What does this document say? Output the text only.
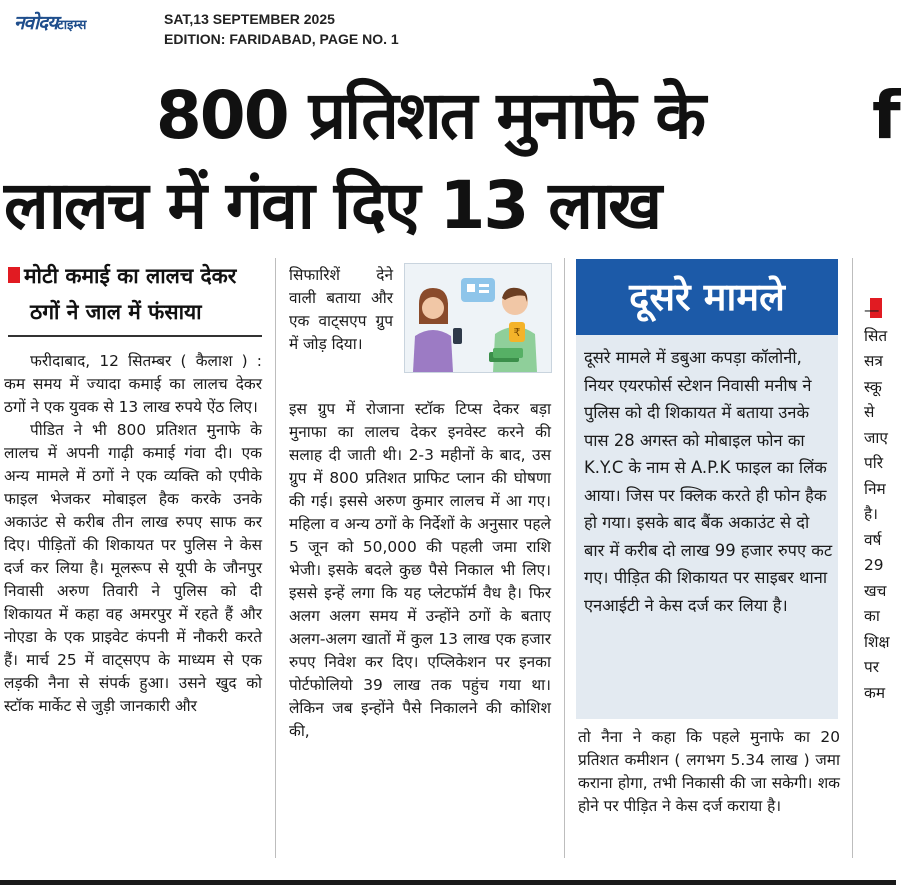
नवोदयटाइम्स	SAT,13 SEPTEMBER 2025
EDITION: FARIDABAD, PAGE NO. 1
800 प्रतिशत मुनाफे के
लालच में गंवा दिए 13 लाख
f
मोटी कमाई का लालच देकर
ठगों ने जाल में फंसाया

फरीदाबाद, 12 सितम्बर ( कैलाश ) : कम समय में ज्यादा कमाई का लालच देकर ठगों ने एक युवक से 13 लाख रुपये ऐंठ लिए।

पीडित ने भी 800 प्रतिशत मुनाफे के लालच में अपनी गाढ़ी कमाई गंवा दी। एक अन्य मामले में ठगों ने एक व्यक्ति को एपीके फाइल भेजकर मोबाइल हैक करके उनके अकाउंट से करीब तीन लाख रुपए साफ कर दिए। पीड़ितों की शिकायत पर पुलिस ने केस दर्ज कर लिया है। मूलरूप से यूपी के जौनपुर निवासी अरुण तिवारी ने पुलिस को दी शिकायत में कहा वह अमरपुर में रहते हैं और नोएडा के एक प्राइवेट कंपनी में नौकरी करते हैं। मार्च 25 में वाट्सएप के माध्यम से एक लड़की नैना से संपर्क हुआ। उसने खुद को स्टॉक मार्केट से जुड़ी जानकारी और

सिफारिशें देने वाली बताया और एक वाट्सएप ग्रुप में जोड़ दिया।
₹
इस ग्रुप में रोजाना स्टॉक टिप्स देकर बड़ा मुनाफा का लालच देकर इनवेस्ट करने की सलाह दी जाती थी। 2-3 महीनों के बाद, उस ग्रुप में 800 प्रतिशत प्राफिट प्लान की घोषणा की गई। इससे अरुण कुमार लालच में आ गए।महिला व अन्य ठगों के निर्देशों के अनुसार पहले 5 जून को 50,000 की पहली जमा राशि भेजी। इसके बदले कुछ पैसे निकाल भी लिए। इससे इन्हें लगा कि यह प्लेटफॉर्म वैध है। फिर अलग अलग समय में उन्होंने ठगों के बताए अलग-अलग खातों में कुल 13 लाख एक हजार रुपए निवेश कर दिए। एप्लिकेशन पर इनका पोर्टफोलियो 39 लाख तक पहुंच गया था। लेकिन जब इन्होंने पैसे निकालने की कोशिश की,
दूसरे मामले
दूसरे मामले में डबुआ कपड़ा कॉलोनी, नियर एयरफोर्स स्टेशन निवासी मनीष ने पुलिस को दी शिकायत में बताया उनके पास 28 अगस्त को मोबाइल फोन का K.Y.C के नाम से A.P.K फाइल का लिंक आया। जिस पर क्लिक करते ही फोन हैक हो गया। इसके बाद बैंक अकाउंट से दो बार में करीब दो लाख 99 हजार रुपए कट गए। पीड़ित की शिकायत पर साइबर थाना एनआईटी ने केस दर्ज कर लिया है।
तो नैना ने कहा कि पहले मुनाफे का 20 प्रतिशत कमीशन ( लगभग 5.34 लाख ) जमा कराना होगा, तभी निकासी की जा सकेगी। शक होने पर पीड़ित ने केस दर्ज कराया है।
—
सित
सत्र
स्कू
से
जाए
परि
निम
है।
वर्ष
29
खच
का
शिक्ष
पर
कम
